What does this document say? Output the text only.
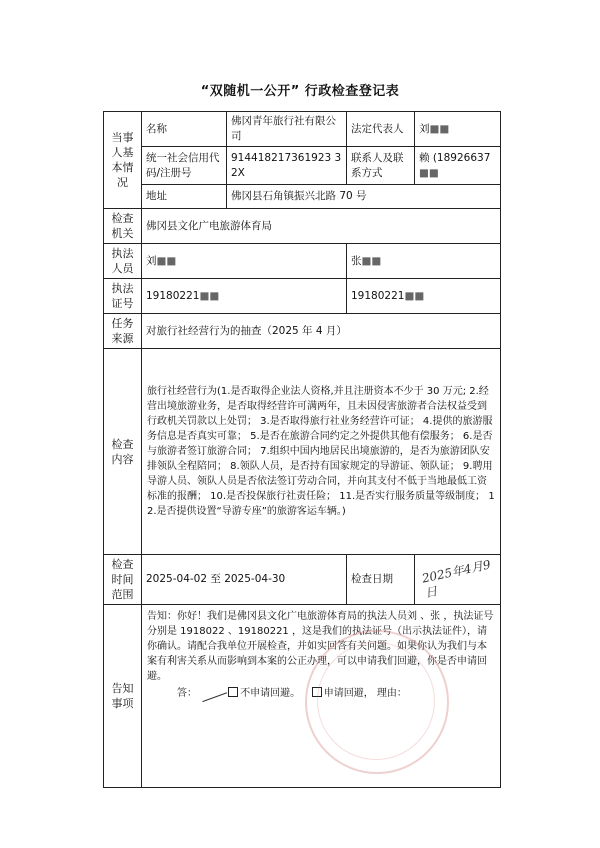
“双随机一公开” 行政检查登记表
当事人基本情况	名称	佛冈青年旅行社有限公司	法定代表人	刘■■
	统一社会信用代码/注册号	914418217361923 32X	联系人及联系方式	赖 (18926637■■
	地址	佛冈县石角镇振兴北路 70 号		
检查机关	佛冈县文化广电旅游体育局			
执法人员	刘■■		张■■	
执法证号	19180221■■		19180221■■	
任务来源	对旅行社经营行为的抽查（2025 年 4 月）			
检查内容	旅行社经营行为(1.是否取得企业法人资格,并且注册资本不少于 30 万元; 2.经营出境旅游业务，是否取得经营许可满两年，且未因侵害旅游者合法权益受到行政机关罚款以上处罚； 3.是否取得旅行社业务经营许可证； 4.提供的旅游服务信息是否真实可靠； 5.是否在旅游合同约定之外提供其他有偿服务； 6.是否与旅游者签订旅游合同； 7.组织中国内地居民出境旅游的，是否为旅游团队安排领队全程陪同； 8.领队人员，是否持有国家规定的导游证、领队证； 9.聘用导游人员、领队人员是否依法签订劳动合同，并向其支付不低于当地最低工资标准的报酬； 10.是否投保旅行社责任险； 11.是否实行服务质量等级制度； 12.是否提供设置“导游专座”的旅游客运车辆。)			
检查时间范围	2025-04-02 至 2025-04-30		检查日期	2025年4月9日
告知事项	告知：你好！我们是佛冈县文化广电旅游体育局的执法人员刘 、张 ，执法证号分别是 1918022 、19180221 ，这是我们的执法证号（出示执法证件），请你确认。请配合我单位开展检查，并如实回答有关问题。如果你认为我们与本案有利害关系从而影响到本案的公正办理，可以申请我们回避，你是否申请回避。
答： 不申请回避。 申请回避， 理由：			
